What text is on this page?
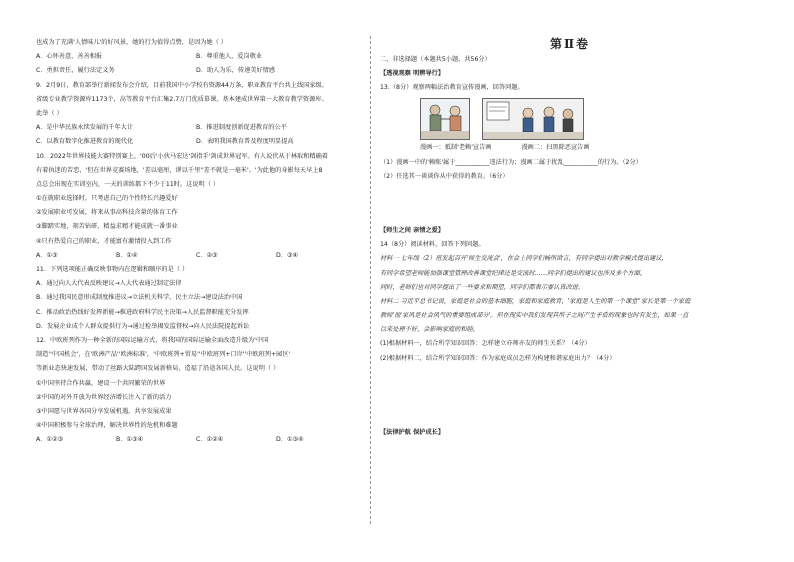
也成为了充满'人情味儿'的好风景，她的行为值得点赞，是因为她（ ）
A．心怀善意，善善相报	B．尊重他人，爱岗敬业
C．勇担责任，履行法定义务	D．助人为乐，传递美好情感
9．2月9日，教育部举行新闻发布会介绍，目前我国中小学校有资源44万条，职业教育平台共上线国家级、
省级专业教学资源库1173个，高等教育平台汇集2.7万门优质慕课，基本建成世界第一大教育教学资源库。
此举（ ）
A．是中华民族永续发展的千年大计	B．推进制度创新促进教育的公平
C．以教育数字化推进教育的现代化	D．表明我国教育普及程度明显提高
10．2022年世界技能大赛特别赛上，'00后'小伙马宏达'剑指手'剑成世界冠军。有人说伏从于林取和精确着
有着执迷的苦恋，'但在世界竞赛场地，'差以毫厘，谬以千里''差不就是一毫米'。'为此他的身影每天早上8
点总会出现在实训室内，一天的训练都下不少于11时。这说明（ ）
①在就职业选择时，只考虑自己的个性特长兴趣爱好
②发展职业可发展，将来从事高科技含量的体育工作
③脚踏实地、刻苦钻研、精益求精才能成就一番事业
④只有热爱自己的职业，才能富有激情投入到工作
A．①③	B．①④	C．②③	D．③④
11．下列选项能正确反映事物内在逻辑和顺序的是（ ）
A．通过向人大代表反映建议→人大代表通过制定法律
B．通过我国民意形成制度推进议→立法机关科学、民主立法→建设法治中国
C．推动政治热线好发挥新能→推进政府科学民主决策→人民监督职能充分发挥
D．发展企业成个人群众提供行为→通过检举揭发监督权→向人民法院提起诉讼
12．中欧班列作为一种全新的国际运输方式，将我国的国际运输全面改造升级为'中国
制造''中国机会'，在'欧洲产品''欧洲标准'，'中欧班列+贸易''中欧班列+口岸''中欧班列+园区'
等新业态快速发展，带动了丝路大陆跨国发展新格局，造福了沿途各国人民。这说明（ ）
①中国坚持合作共赢，建设一个共同繁荣的世界
②中国的对外开放为世界经济增长注入了新的活力
③中国愿与世界各国分享发展机遇，共享发展成果
④中国积极参与全球治理，解决世界性的危机和难题
A．①②③	B．①③④	C．①②④	D．①③④
第Ⅱ卷
二、非选择题（本题共5小题，共56分）
【透视观察 明辨导行】
13.（8分）观察两幅法治教育宣传漫画，回答问题。
漫画一：抵制'老赖'宣告画	漫画二：扫黑除恶宣告画
（1）漫画一中的'赖账'属于___________违法行为；漫画二属于扰乱___________的行为。（2分）
（2）任选其一谈谈你从中获得的教育。（6分）
【师生之间 亲情之爱】
14（8分）阅读材料，回答下列问题。
材料一 七年级（2）班发起召开'师生交流会'，在会上同学们畅所欲言，有同学提出对教学模式提出建议，
有同学希望老师能加强课堂管理改善课堂纪律还是交流时……同学们提出的建议也涉及多个方面，
同时，老师们也对同学提出了一些要求和期望，同学们都表示要认真改进。
材料二 习近平总书记说，家庭是社会的基本细胞，家庭和家庭教育，'家庭是人生的第一个课堂''家长是第一个家庭
教师'他'家风是社会风气的重要组成部分'。但在现实中我们发现其所子之间产生矛盾的现象也时有发生，如果一直
以来处理不好，会影响家庭的和睦。
(1)根据材料一，结合所学知识回答：怎样建立亦师亦友的师生关系？（4分）
(2)根据材料二，结合所学知识回答：作为家庭成员怎样为构建和谐家庭出力？（4分）
【法律护航 保护成长】
